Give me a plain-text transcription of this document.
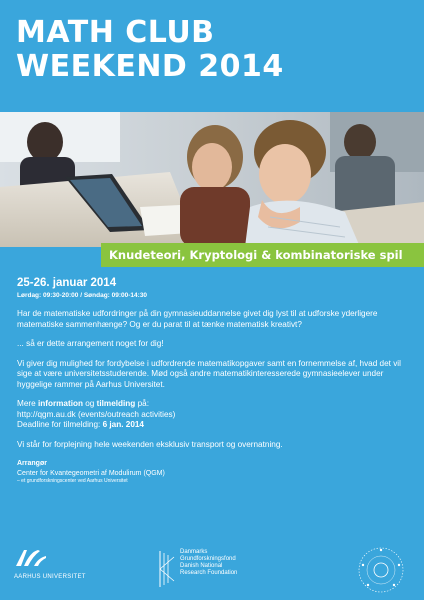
MATH CLUB
WEEKEND 2014
Knudeteori, Kryptologi & kombinatoriske spil

25-26. januar 2014

Lørdag: 09:30-20:00 / Søndag: 09:00-14:30

Har de matematiske udfordringer på din gymnasieuddannelse givet dig lyst til at udforske yderligere matematiske sammenhænge? Og er du parat til at tænke matematisk kreativt?

... så er dette arrangement noget for dig!

Vi giver dig mulighed for fordybelse i udfordrende matematikopgaver samt en fornemmelse af, hvad det vil sige at være universitetsstuderende. Mød også andre matematikinteresserede gymnasieelever under hyggelige rammer på Aarhus Universitet.

Mere information og tilmelding på:
http://qgm.au.dk (events/outreach activities)
Deadline for tilmelding: 6 jan. 2014

Vi står for forplejning hele weekenden eksklusiv transport og overnatning.

Arrangør

Center for Kvantegeometri af Modulirum (QGM)

– et grundforskningscenter ved Aarhus Universitet

AARHUS UNIVERSITET
Danmarks
Grundforskningsfond
Danish National
Research Foundation
